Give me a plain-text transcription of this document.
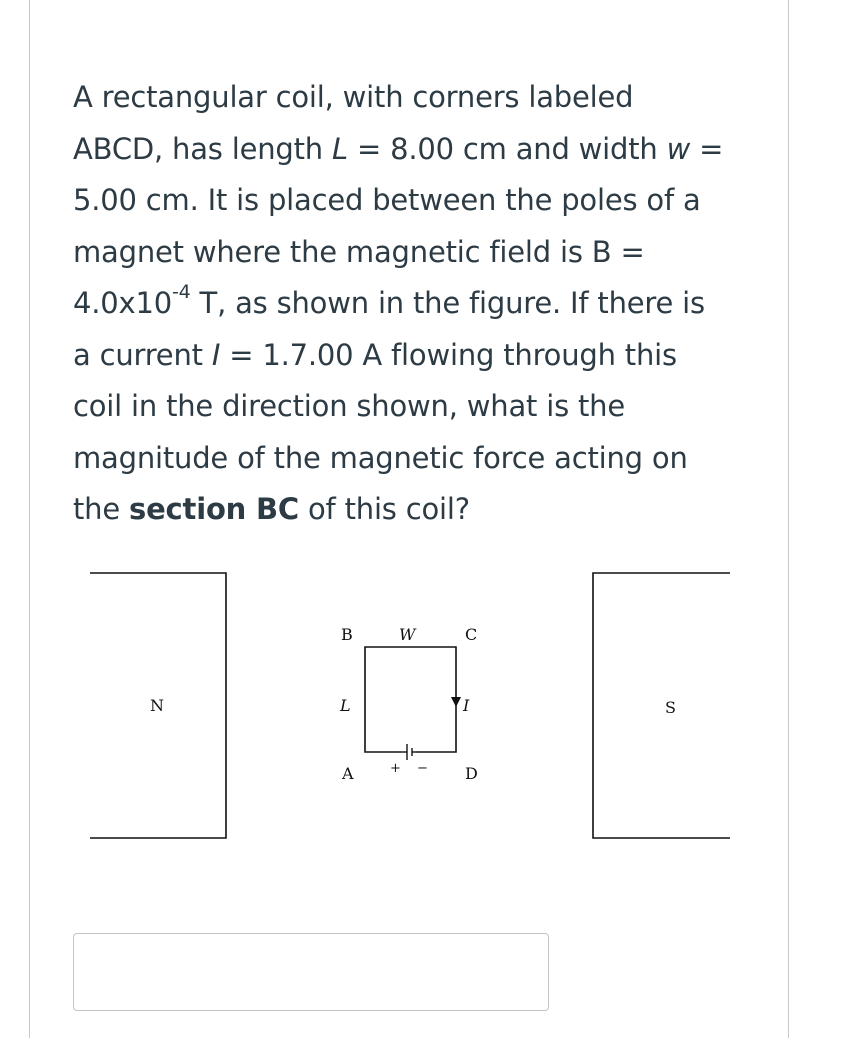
A rectangular coil, with corners labeled
ABCD, has length L = 8.00 cm and width w =
5.00 cm. It is placed between the poles of a
magnet where the magnetic field is B =
$4.0x10^{-4}$ T, as shown in the figure. If there is
a current I = 1.7.00 A flowing through this
coil in the direction shown, what is the
magnitude of the magnetic force acting on
the section BC of this coil?
N	S
+ −
B	W	C
L	I
A	D
